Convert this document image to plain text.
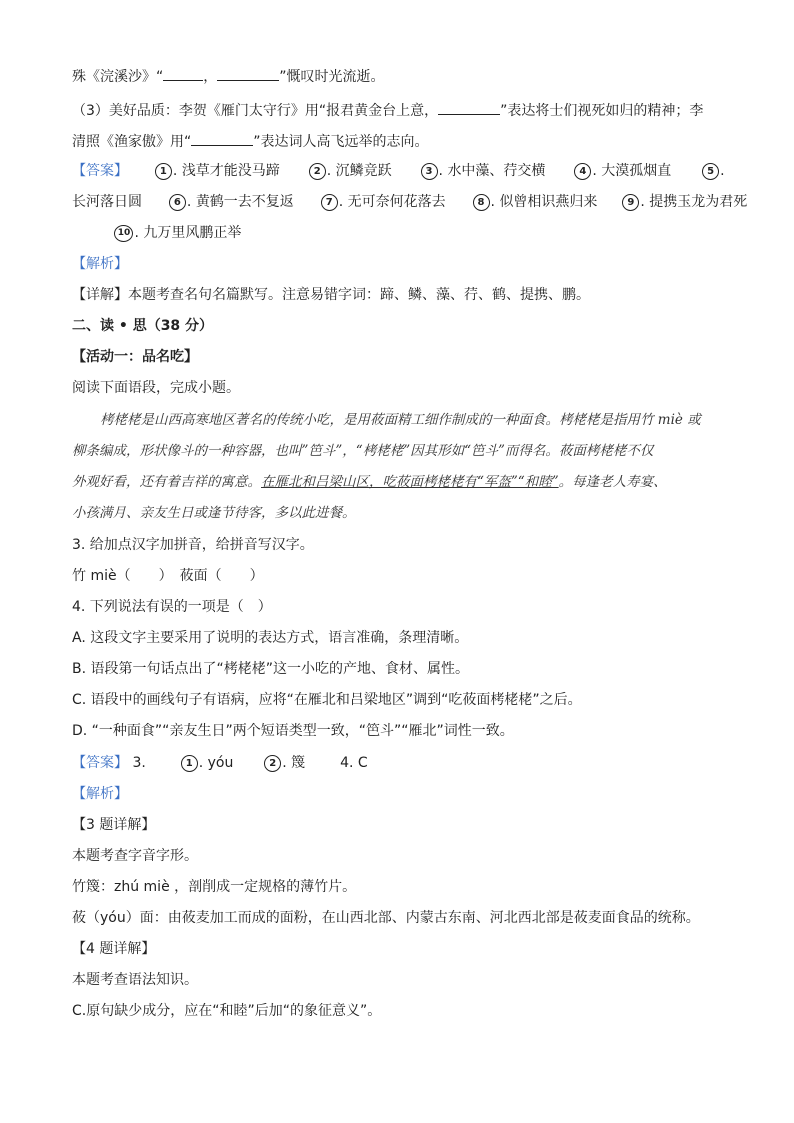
殊《浣溪沙》“	，	”慨叹时光流逝。
（3）美好品质：李贺《雁门太守行》用“报君黄金台上意，	”表达将士们视死如归的精神；李
清照《渔家傲》用“	”表达词人高飞远举的志向。
【答案】	1 . 浅草才能没马蹄	2 . 沉鳞竞跃	3 . 水中藻、荇交横	4 . 大漠孤烟直	5 .
长河落日圆	6 . 黄鹤一去不复返	7 . 无可奈何花落去	8 . 似曾相识燕归来	9 . 提携玉龙为君死
10 . 九万里风鹏正举
【解析】
【详解】本题考查名句名篇默写。注意易错字词：蹄、鳞、藻、荇、鹤、提携、鹏。
二、读 • 思（38 分）
【活动一：品名吃】
阅读下面语段，完成小题。
栲栳栳是山西高寒地区著名的传统小吃，是用莜面精工细作制成的一种面食。栲栳栳是指用竹 miè 或
柳条编成，形状像斗的一种容器，也叫”笆斗”，“栲栳栳”因其形如“笆斗”而得名。莜面栲栳栳不仅
外观好看，还有着吉祥的寓意。在雁北和吕梁山区，吃莜面栲栳栳有“军盔”“和睦”。每逢老人寿宴、
小孩满月、亲友生日或逢节待客，多以此进餐。
3. 给加点汉字加拼音，给拼音写汉字。
竹 miè（　　）　莜面（　　）
4. 下列说法有误的一项是（　）
A. 这段文字主要采用了说明的表达方式，语言准确，条理清晰。
B. 语段第一句话点出了“栲栳栳”这一小吃的产地、食材、属性。
C. 语段中的画线句子有语病，应将“在雁北和吕梁地区”调到“吃莜面栲栳栳”之后。
D. “一种面食”“亲友生日”两个短语类型一致，“笆斗”“雁北”词性一致。
【答案】 3.	1 . yóu	2 . 篾 4. C
【解析】
【3 题详解】
本题考查字音字形。
竹篾：zhú miè ，剖削成一定规格的薄竹片。
莜（yóu）面：由莜麦加工而成的面粉，在山西北部、内蒙古东南、河北西北部是莜麦面食品的统称。
【4 题详解】
本题考查语法知识。
C.原句缺少成分，应在“和睦”后加“的象征意义”。
